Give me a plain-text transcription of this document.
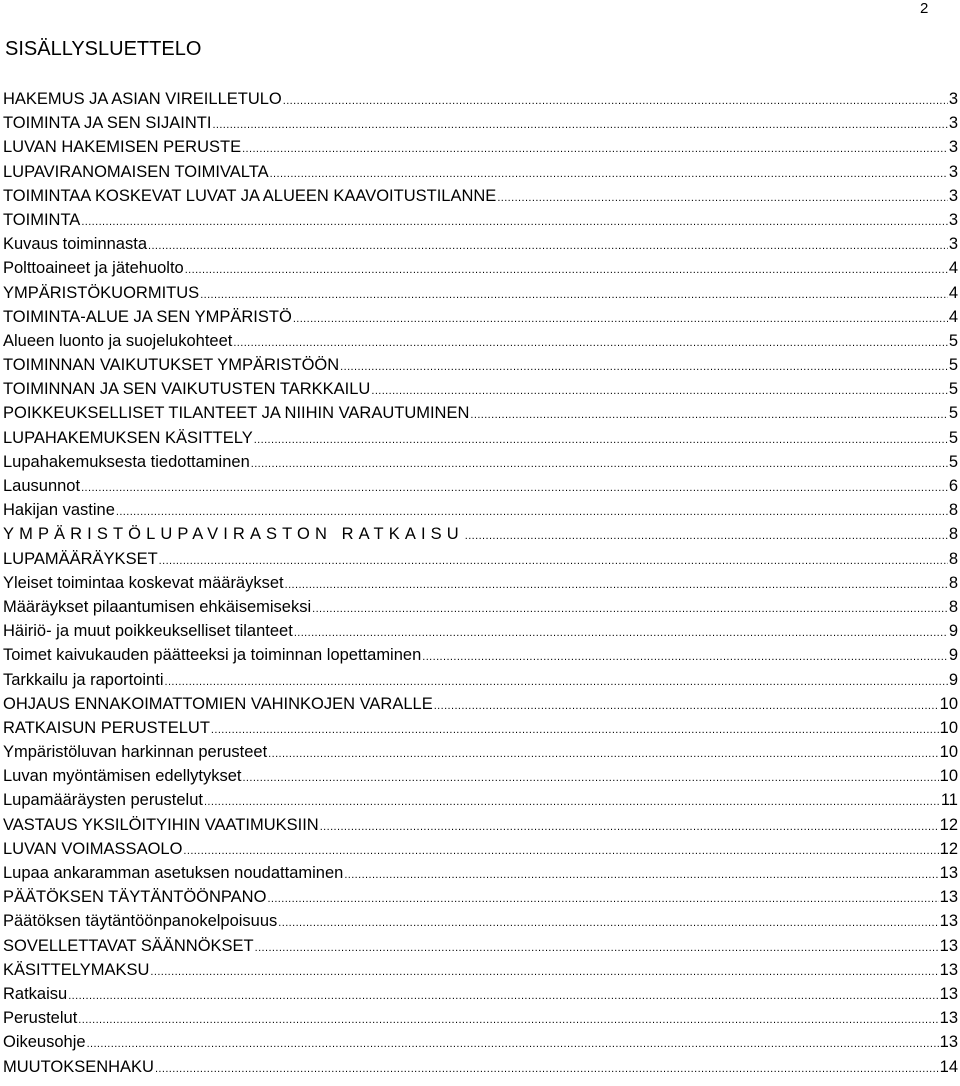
2
SISÄLLYSLUETTELO
HAKEMUS JA ASIAN VIREILLETULO .....	3
TOIMINTA JA SEN SIJAINTI .....	3
LUVAN HAKEMISEN PERUSTE .....	3
LUPAVIRANOMAISEN TOIMIVALTA .....	3
TOIMINTAA KOSKEVAT LUVAT JA ALUEEN KAAVOITUSTILANNE .....	3
TOIMINTA .....	3
Kuvaus toiminnasta .....	3
Polttoaineet ja jätehuolto .....	4
YMPÄRISTÖKUORMITUS .....	4
TOIMINTA-ALUE JA SEN YMPÄRISTÖ .....	4
Alueen luonto ja suojelukohteet .....	5
TOIMINNAN VAIKUTUKSET YMPÄRISTÖÖN .....	5
TOIMINNAN JA SEN VAIKUTUSTEN TARKKAILU .....	5
POIKKEUKSELLISET TILANTEET JA NIIHIN VARAUTUMINEN .....	5
LUPAHAKEMUKSEN KÄSITTELY .....	5
Lupahakemuksesta tiedottaminen .....	5
Lausunnot .....	6
Hakijan vastine .....	8
YMPÄRISTÖLUPAVIRASTON RATKAISU .....	8
LUPAMÄÄRÄYKSET .....	8
Yleiset toimintaa koskevat määräykset .....	8
Määräykset pilaantumisen ehkäisemiseksi .....	8
Häiriö- ja muut poikkeukselliset tilanteet .....	9
Toimet kaivukauden päätteeksi ja toiminnan lopettaminen .....	9
Tarkkailu ja raportointi .....	9
OHJAUS ENNAKOIMATTOMIEN VAHINKOJEN VARALLE .....	10
RATKAISUN PERUSTELUT .....	10
Ympäristöluvan harkinnan perusteet .....	10
Luvan myöntämisen edellytykset .....	10
Lupamääräysten perustelut .....	11
VASTAUS YKSILÖITYIHIN VAATIMUKSIIN .....	12
LUVAN VOIMASSAOLO .....	12
Lupaa ankaramman asetuksen noudattaminen .....	13
PÄÄTÖKSEN TÄYTÄNTÖÖNPANO .....	13
Päätöksen täytäntöönpanokelpoisuus .....	13
SOVELLETTAVAT SÄÄNNÖKSET .....	13
KÄSITTELYMAKSU .....	13
Ratkaisu .....	13
Perustelut .....	13
Oikeusohje .....	13
MUUTOKSENHAKU .....	14
